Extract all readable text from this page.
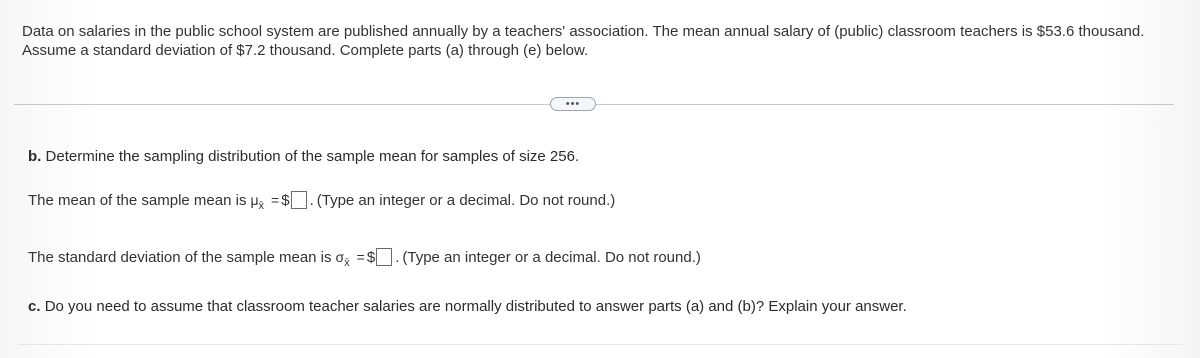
Data on salaries in the public school system are published annually by a teachers' association. The mean annual salary of (public) classroom teachers is $53.6 thousand. Assume a standard deviation of $7.2 thousand. Complete parts (a) through (e) below.
•••
b. Determine the sampling distribution of the sample mean for samples of size 256.
The mean of the sample mean is $\mu_{x̄}$ = $ . (Type an integer or a decimal. Do not round.)
The standard deviation of the sample mean is $\sigma_{x̄}$ = $ . (Type an integer or a decimal. Do not round.)
c. Do you need to assume that classroom teacher salaries are normally distributed to answer parts (a) and (b)? Explain your answer.
